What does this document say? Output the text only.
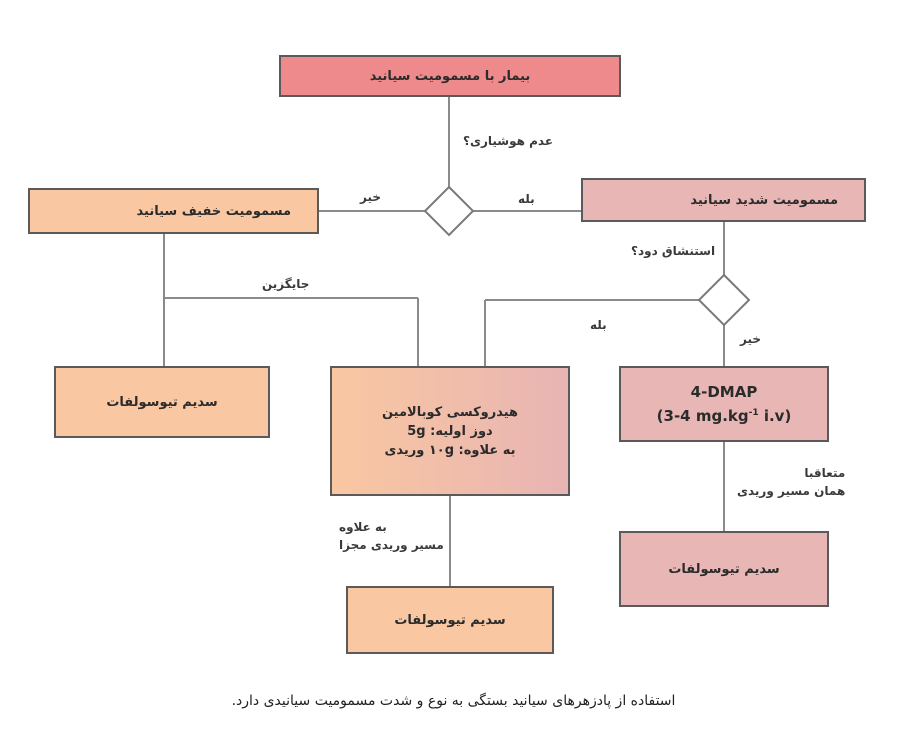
بیمار با مسمومیت سیانید
مسمومیت خفیف سیانید
مسمومیت شدید سیانید
سدیم تیوسولفات
هیدروکسی کوبالامین
دوز اولیه: 5g
به علاوه: ۱۰g وریدی
4-DMAP
(3-4 $mg.kg^{-1}$ i.v)
سدیم تیوسولفات
سدیم تیوسولفات
عدم هوشیاری؟
خیر	بله
استنشاق دود؟
جایگزین
بله
خیر
متعاقبا
همان مسیر وریدی
به علاوه
مسیر وریدی مجزا
استفاده از پادزهرهای سیانید بستگی به نوع و شدت مسمومیت سیانیدی دارد.
